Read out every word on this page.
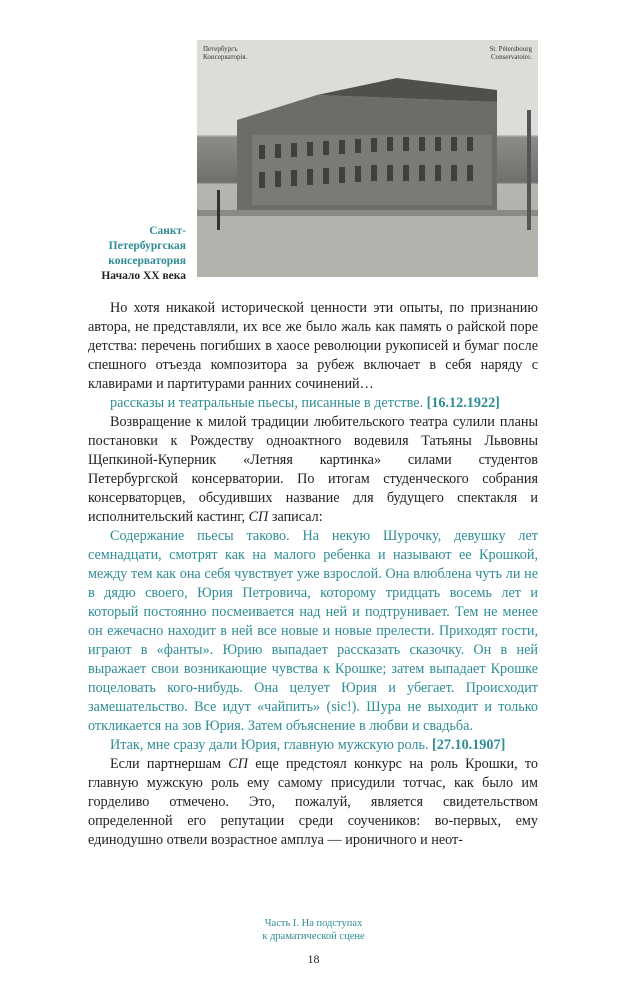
Петербургъ
Консерваторія.
St. Pétersbourg
Conservatoire.
Санкт-
Петербургская
консерватория
Начало XX века

Но хотя никакой исторической ценности эти опыты, по признанию автора, не представляли, их все же было жаль как память о райской поре детства: перечень погибших в хаосе революции рукописей и бумаг после спешного отъезда композитора за рубеж включает в себя наряду с клавирами и партитурами ранних сочинений…

рассказы и театральные пьесы, писанные в детстве. [16.12.1922]

Возвращение к милой традиции любительского театра сулили планы постановки к Рождеству одноактного водевиля Татьяны Львовны Щепкиной-Куперник «Летняя картинка» силами студентов Петербургской консерватории. По итогам студенческого собрания консерваторцев, обсудивших название для будущего спектакля и исполнительский кастинг, СП записал:

Содержание пьесы таково. На некую Шурочку, девушку лет семнадцати, смотрят как на малого ребенка и называют ее Крошкой, между тем как она себя чувствует уже взрослой. Она влюблена чуть ли не в дядю своего, Юрия Петровича, которому тридцать восемь лет и который постоянно посмеивается над ней и подтрунивает. Тем не менее он ежечасно находит в ней все новые и новые прелести. Приходят гости, играют в «фанты». Юрию выпадает рассказать сказочку. Он в ней выражает свои возникающие чувства к Крошке; затем выпадает Крошке поцеловать кого-нибудь. Она целует Юрия и убегает. Происходит замешательство. Все идут «чайпить» (sic!). Шура не выходит и только откликается на зов Юрия. Затем объяснение в любви и свадьба.

Итак, мне сразу дали Юрия, главную мужскую роль. [27.10.1907]

Если партнершам СП еще предстоял конкурс на роль Крошки, то главную мужскую роль ему самому присудили тотчас, как было им горделиво отмечено. Это, пожалуй, является свидетельством определенной его репутации среди соучеников: во-первых, ему единодушно отвели возрастное амплуа — ироничного и неот-

Часть I. На подступах
к драматической сцене
18
